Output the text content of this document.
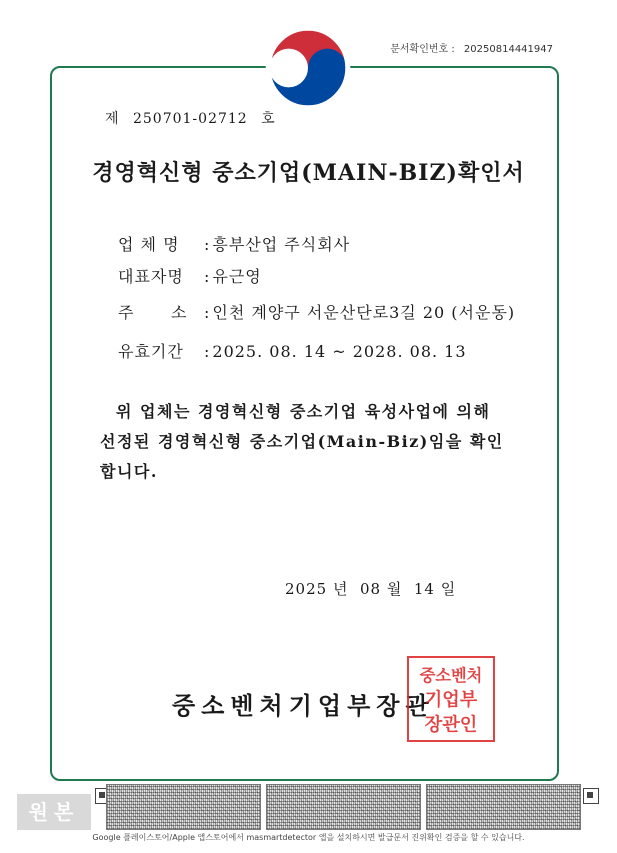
문서확인번호 : 20250814441947
제 250701-02712 호
경영혁신형 중소기업(MAIN-BIZ)확인서
업 체 명 : 흥부산업 주식회사
대표자명 : 유근영
주      소 : 인천 계양구 서운산단로3길 20 (서운동)
유효기간 : 2025. 08. 14 ~ 2028. 08. 13
위 업체는 경영혁신형 중소기업 육성사업에 의해
선정된 경영혁신형 중소기업(Main-Biz)임을 확인
합니다.
2025 년  08 월  14 일
중소벤처기업부장관
중소벤처
기업부
장관인
원본
Google 플레이스토어/Apple 앱스토어에서 masmartdetector 앱을 설치하시면 발급문서 진위확인 검증을 할 수 있습니다.
